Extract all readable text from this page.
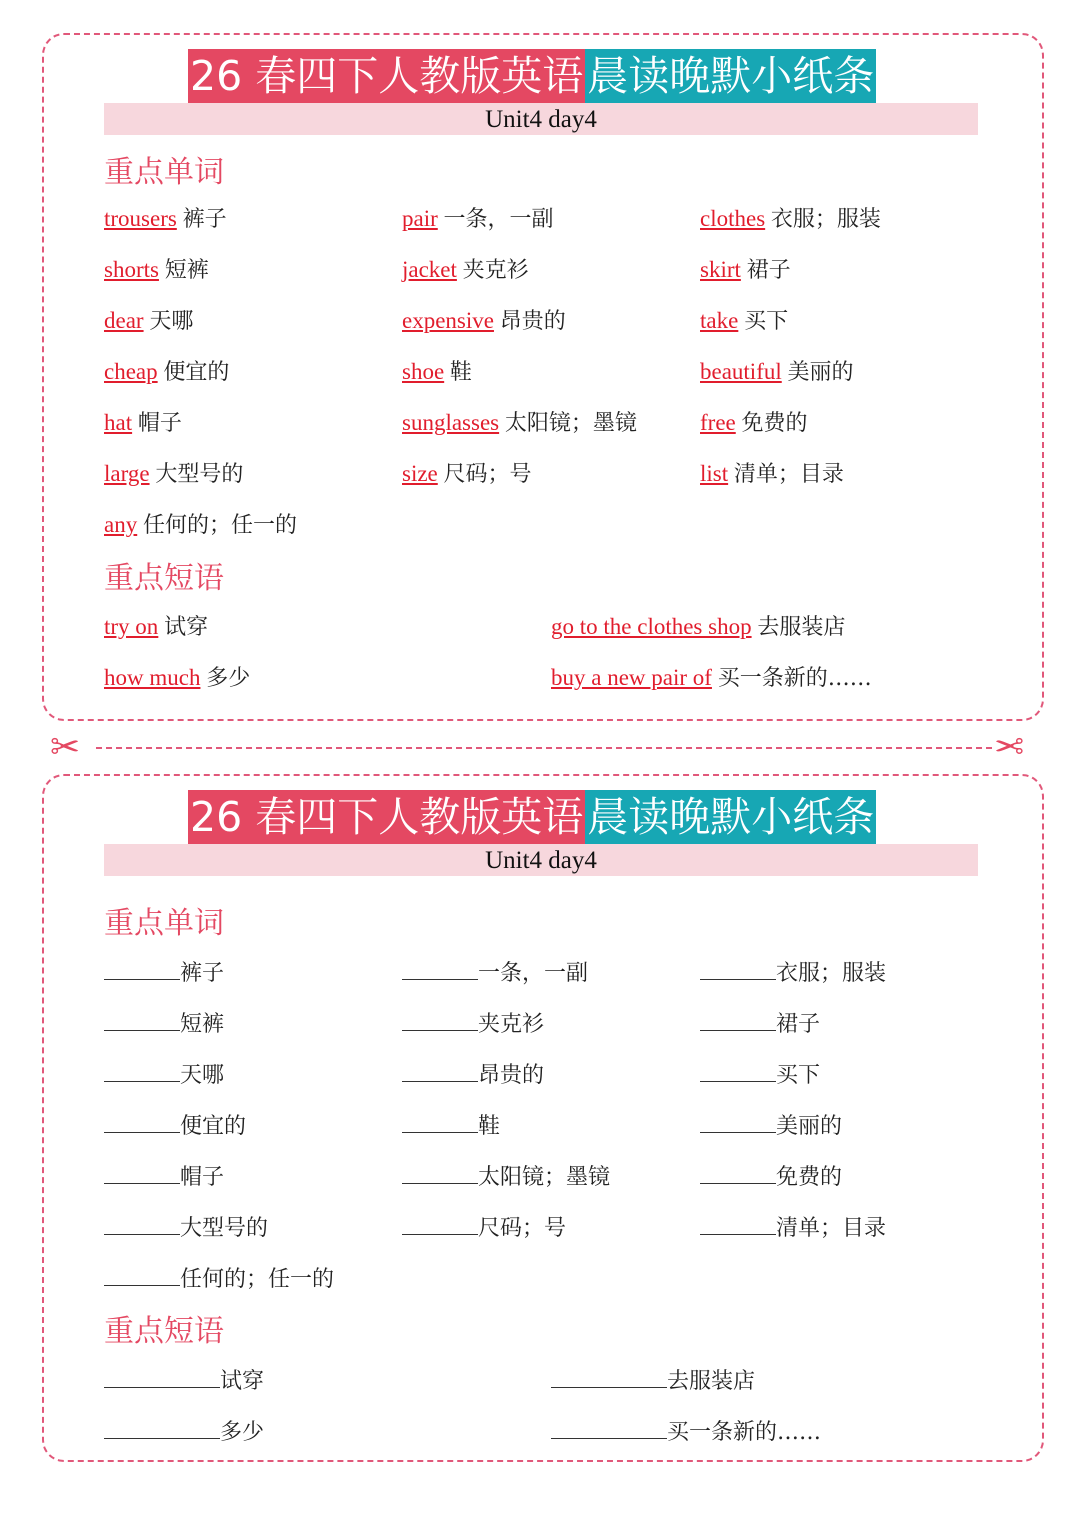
26 春四下人教版英语 晨读晚默小纸条
Unit4 day4
重点单词
trousers 裤子	pair 一条，一副	clothes 衣服；服装
shorts 短裤	jacket 夹克衫	skirt 裙子
dear 天哪	expensive 昂贵的	take 买下
cheap 便宜的	shoe 鞋	beautiful 美丽的
hat 帽子	sunglasses 太阳镜；墨镜	free 免费的
large 大型号的	size 尺码；号	list 清单；目录
any 任何的；任一的
重点短语
try on 试穿	go to the clothes shop 去服装店
how much 多少	buy a new pair of 买一条新的……
✂	✂
26 春四下人教版英语 晨读晚默小纸条
Unit4 day4
重点单词
裤子	一条，一副	衣服；服装
短裤	夹克衫	裙子
天哪	昂贵的	买下
便宜的	鞋	美丽的
帽子	太阳镜；墨镜	免费的
大型号的	尺码；号	清单；目录
任何的；任一的
重点短语
试穿	去服装店
多少	买一条新的……
